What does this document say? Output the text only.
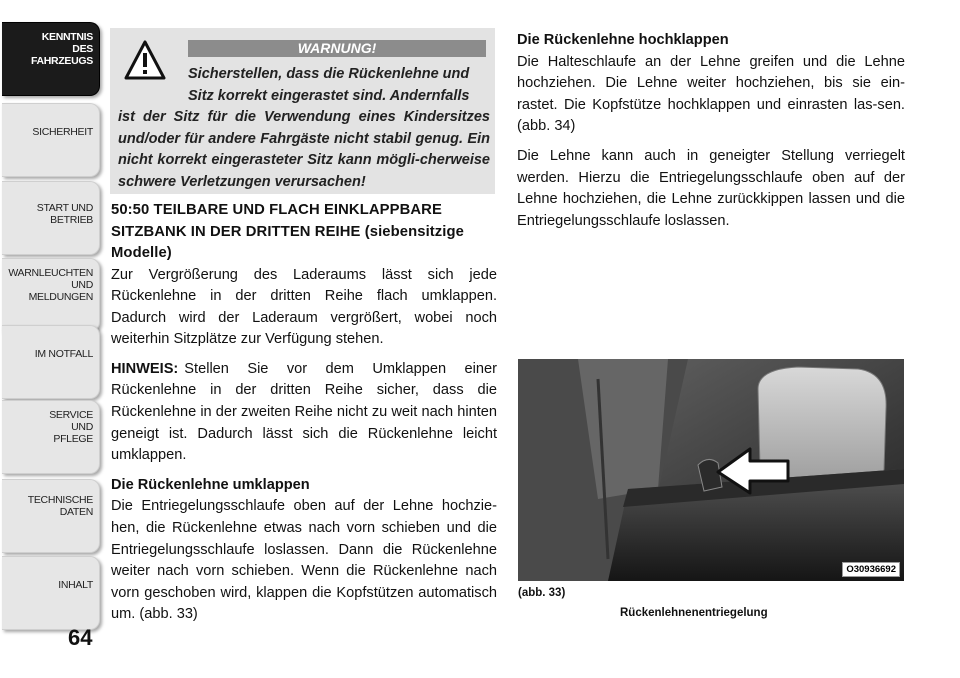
KENNTNIS
DES
FAHRZEUGS
SICHERHEIT
START UND
BETRIEB
WARNLEUCHTEN
UND
MELDUNGEN
IM NOTFALL
SERVICE
UND
PFLEGE
TECHNISCHE
DATEN
INHALT
64
WARNUNG!
Sicherstellen, dass die Rückenlehne und
Sitz korrekt eingerastet sind. Andernfalls
ist der Sitz für die Verwendung eines Kindersitzes und/oder für andere Fahrgäste nicht stabil genug. Ein nicht korrekt eingerasteter Sitz kann mögli-cherweise schwere Verletzungen verursachen!
50:50 TEILBARE UND FLACH EINKLAPPBARE SITZBANK IN DER DRITTEN REIHE (siebensitzige Modelle)

Zur Vergrößerung des Laderaums lässt sich jede Rückenlehne in der dritten Reihe flach umklappen. Dadurch wird der Laderaum vergrößert, wobei noch weiterhin Sitzplätze zur Verfügung stehen.

HINWEIS: Stellen Sie vor dem Umklappen einer Rückenlehne in der dritten Reihe sicher, dass die Rückenlehne in der zweiten Reihe nicht zu weit nach hinten geneigt ist. Dadurch lässt sich die Rückenlehne leicht umklappen.

Die Rückenlehne umklappen

Die Entriegelungsschlaufe oben auf der Lehne hochzie-hen, die Rückenlehne etwas nach vorn schieben und die Entriegelungsschlaufe loslassen. Dann die Rückenlehne weiter nach vorn schieben. Wenn die Rückenlehne nach vorn geschoben wird, klappen die Kopfstützen automatisch um. (abb. 33)

Die Rückenlehne hochklappen

Die Halteschlaufe an der Lehne greifen und die Lehne hochziehen. Die Lehne weiter hochziehen, bis sie ein-rastet. Die Kopfstütze hochklappen und einrasten las-sen. (abb. 34)

Die Lehne kann auch in geneigter Stellung verriegelt werden. Hierzu die Entriegelungsschlaufe oben auf der Lehne hochziehen, die Lehne zurückkippen lassen und die Entriegelungsschlaufe loslassen.

O30936692
(abb. 33)
Rückenlehnenentriegelung
